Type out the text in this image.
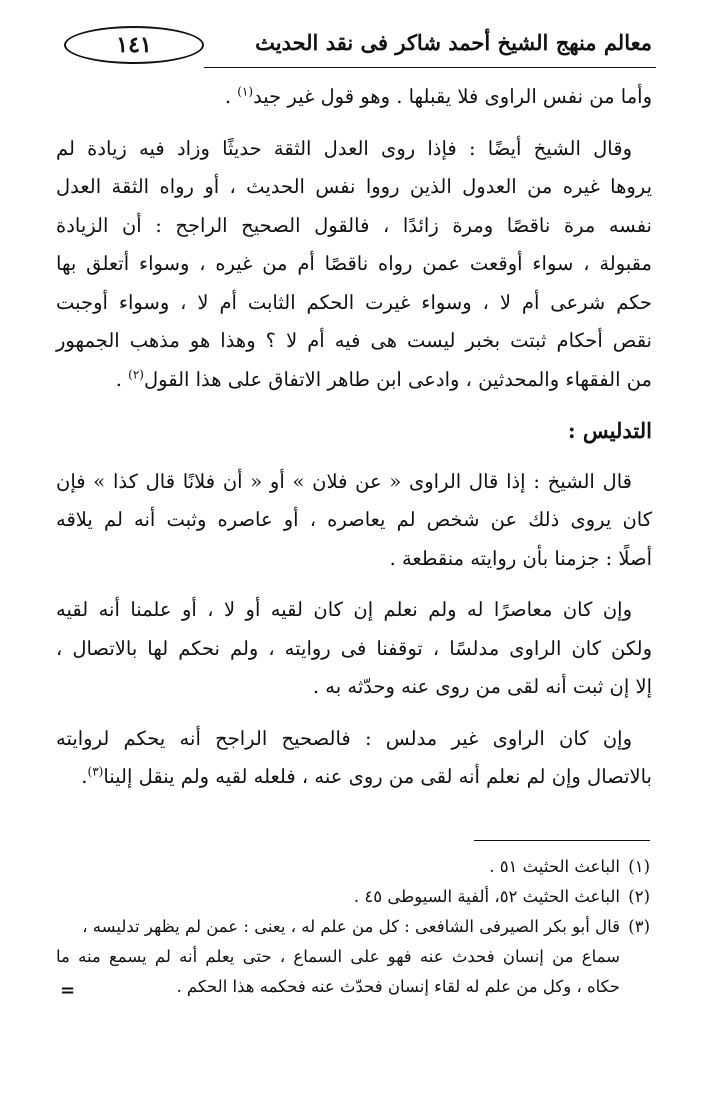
١٤١	معالم منهج الشيخ أحمد شاكر فى نقد الحديث

وأما من نفس الراوى فلا يقبلها . وهو قول غير جيد$^{(١)}$ .

وقال الشيخ أيضًا : فإذا روى العدل الثقة حديثًا وزاد فيه زيادة لم
يروها غيره من العدول الذين رووا نفس الحديث ، أو رواه الثقة العدل
نفسه مرة ناقصًا ومرة زائدًا ، فالقول الصحيح الراجح : أن الزيادة
مقبولة ، سواء أوقعت عمن رواه ناقصًا أم من غيره ، وسواء أتعلق بها
حكم شرعى أم لا ، وسواء غيرت الحكم الثابت أم لا ، وسواء أوجبت
نقص أحكام ثبتت بخبر ليست هى فيه أم لا ؟ وهذا هو مذهب الجمهور
من الفقهاء والمحدثين ، وادعى ابن طاهر الاتفاق على هذا القول$^{(٢)}$ .

التدليس :

قال الشيخ : إذا قال الراوى « عن فلان » أو « أن فلانًا قال كذا » فإن
كان يروى ذلك عن شخص لم يعاصره ، أو عاصره وثبت أنه لم يلاقه
أصلًا : جزمنا بأن روايته منقطعة .

وإن كان معاصرًا له ولم نعلم إن كان لقيه أو لا ، أو علمنا أنه لقيه
ولكن كان الراوى مدلسًا ، توقفنا فى روايته ، ولم نحكم لها بالاتصال ،
إلا إن ثبت أنه لقى من روى عنه وحدّثه به .

وإن كان الراوى غير مدلس : فالصحيح الراجح أنه يحكم لروايته
بالاتصال وإن لم نعلم أنه لقى من روى عنه ، فلعله لقيه ولم ينقل إلينا$^{(٣)}$.

(١)الباعث الحثيث ٥١ .
(٢)الباعث الحثيث ٥٢، ألفية السيوطى ٤٥ .
(٣)قال أبو بكر الصيرفى الشافعى : كل من علم له ، يعنى : عمن لم يظهر تدليسه ،
سماع من إنسان فحدث عنه فهو على السماع ، حتى يعلم أنه لم يسمع منه ما
حكاه ، وكل من علم له لقاء إنسان فحدّث عنه فحكمه هذا الحكم .
=
